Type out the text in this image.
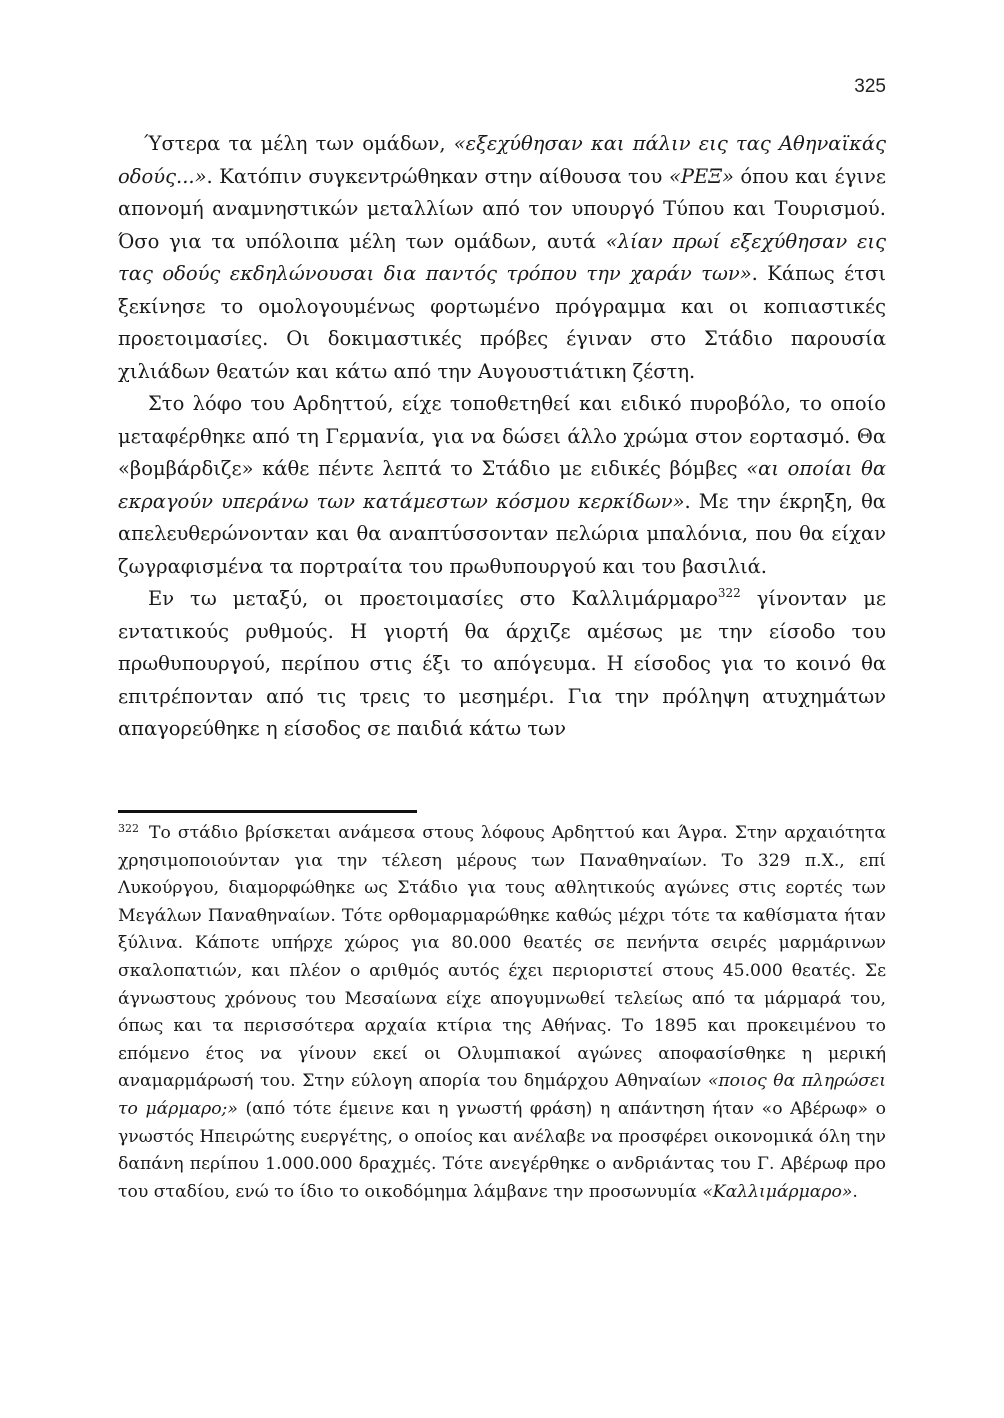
325

Ύστερα τα μέλη των ομάδων, «εξεχύθησαν και πάλιν εις τας Αθηναϊκάς οδούς...». Κατόπιν συγκεντρώθηκαν στην αίθουσα του «ΡΕΞ» όπου και έγινε απονομή αναμνηστικών μεταλλίων από τον υπουργό Τύπου και Τουρισμού. Όσο για τα υπόλοιπα μέλη των ομάδων, αυτά «λίαν πρωί εξεχύθησαν εις τας οδούς εκδηλώνουσαι δια παντός τρόπου την χαράν των». Κάπως έτσι ξεκίνησε το ομολογουμένως φορτωμένο πρόγραμμα και οι κοπιαστικές προετοιμασίες. Οι δοκιμαστικές πρόβες έγιναν στο Στάδιο παρουσία χιλιάδων θεατών και κάτω από την Αυγουστιάτικη ζέστη.

Στο λόφο του Αρδηττού, είχε τοποθετηθεί και ειδικό πυροβόλο, το οποίο μεταφέρθηκε από τη Γερμανία, για να δώσει άλλο χρώμα στον εορτασμό. Θα «βομβάρδιζε» κάθε πέντε λεπτά το Στάδιο με ειδικές βόμβες «αι οποίαι θα εκραγούν υπεράνω των κατάμεστων κόσμου κερκίδων». Με την έκρηξη, θα απελευθερώνονταν και θα αναπτύσσονταν πελώρια μπαλόνια, που θα είχαν ζωγραφισμένα τα πορτραίτα του πρωθυπουργού και του βασιλιά.

Εν τω μεταξύ, οι προετοιμασίες στο Καλλιμάρμαρο$^{322}$ γίνονταν με εντατικούς ρυθμούς. Η γιορτή θα άρχιζε αμέσως με την είσοδο του πρωθυπουργού, περίπου στις έξι το απόγευμα. Η είσοδος για το κοινό θα επιτρέπονταν από τις τρεις το μεσημέρι. Για την πρόληψη ατυχημάτων απαγορεύθηκε η είσοδος σε παιδιά κάτω των

$^{322}$ Το στάδιο βρίσκεται ανάμεσα στους λόφους Αρδηττού και Άγρα. Στην αρχαιότητα χρησιμοποιούνταν για την τέλεση μέρους των Παναθηναίων. Το 329 π.Χ., επί Λυκούργου, διαμορφώθηκε ως Στάδιο για τους αθλητικούς αγώνες στις εορτές των Μεγάλων Παναθηναίων. Τότε ορθομαρμαρώθηκε καθώς μέχρι τότε τα καθίσματα ήταν ξύλινα. Κάποτε υπήρχε χώρος για 80.000 θεατές σε πενήντα σειρές μαρμάρινων σκαλοπατιών, και πλέον ο αριθμός αυτός έχει περιοριστεί στους 45.000 θεατές. Σε άγνωστους χρόνους του Μεσαίωνα είχε απογυμνωθεί τελείως από τα μάρμαρά του, όπως και τα περισσότερα αρχαία κτίρια της Αθήνας. Το 1895 και προκειμένου το επόμενο έτος να γίνουν εκεί οι Ολυμπιακοί αγώνες αποφασίσθηκε η μερική αναμαρμάρωσή του. Στην εύλογη απορία του δημάρχου Αθηναίων «ποιος θα πληρώσει το μάρμαρο;» (από τότε έμεινε και η γνωστή φράση) η απάντηση ήταν «ο Αβέρωφ» ο γνωστός Ηπειρώτης ευεργέτης, ο οποίος και ανέλαβε να προσφέρει οικονομικά όλη την δαπάνη περίπου 1.000.000 δραχμές. Τότε ανεγέρθηκε ο ανδριάντας του Γ. Αβέρωφ προ του σταδίου, ενώ το ίδιο το οικοδόμημα λάμβανε την προσωνυμία «Καλλιμάρμαρο».
